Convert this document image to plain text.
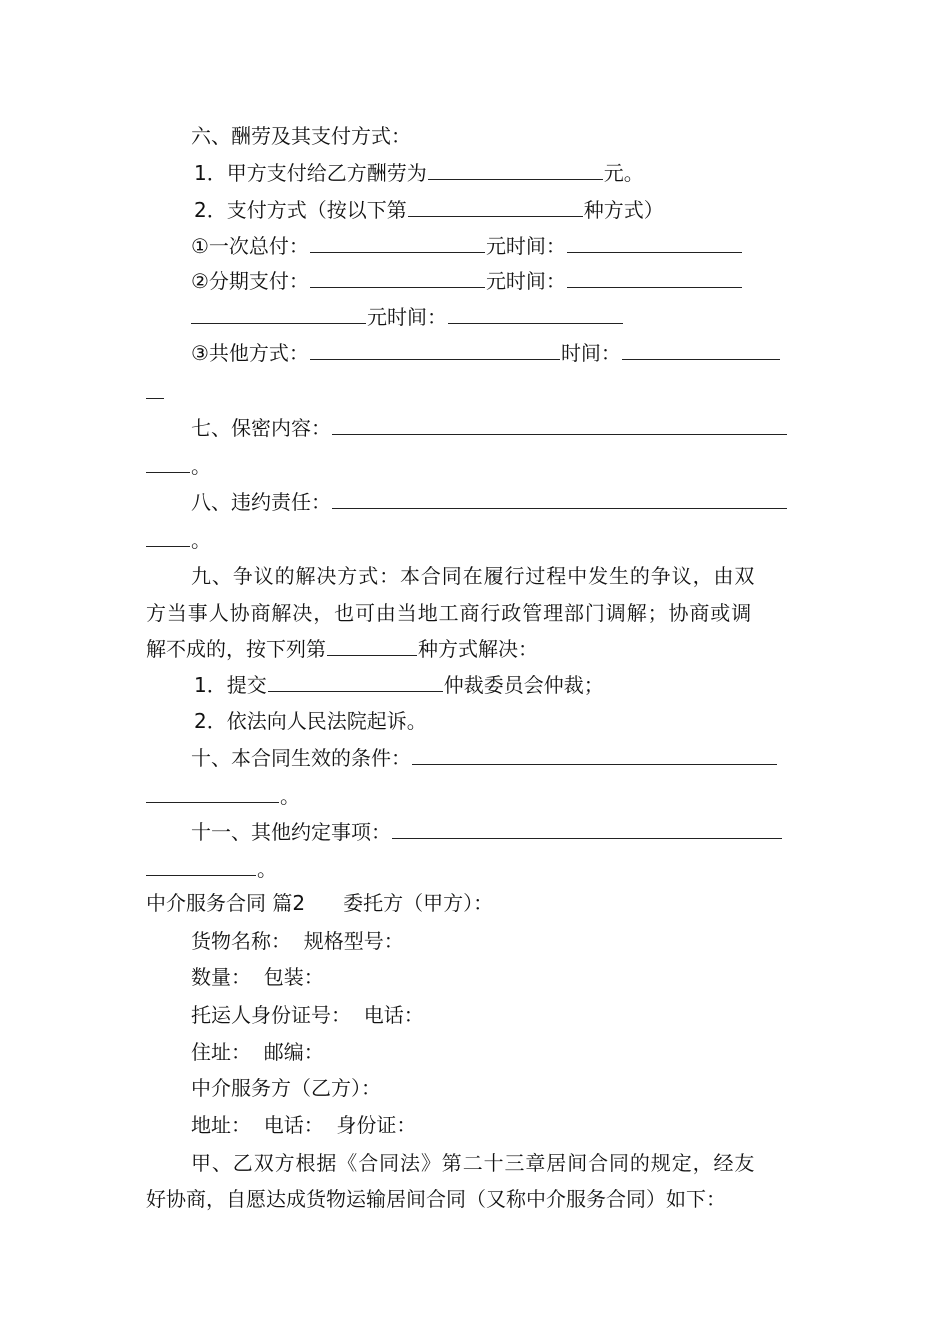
六、酬劳及其支付方式：
1．甲方支付给乙方酬劳为	元。
2．支付方式（按以下第	种方式）
①一次总付：	元时间：
②分期支付：	元时间：
元时间：
③共他方式：	时间：
七、保密内容：
。
八、违约责任：
。
九、争议的解决方式：本合同在履行过程中发生的争议，由双
方当事人协商解决，也可由当地工商行政管理部门调解；协商或调
解不成的，按下列第	种方式解决：
1．提交	仲裁委员会仲裁；
2．依法向人民法院起诉。
十、本合同生效的条件：
。
十一、其他约定事项：
。
中介服务合同 篇2 委托方（甲方）：
货物名称：  规格型号：
数量：  包装：
托运人身份证号：  电话：
住址：  邮编：
中介服务方（乙方）：
地址：  电话：  身份证：
甲、乙双方根据《合同法》第二十三章居间合同的规定，经友
好协商，自愿达成货物运输居间合同（又称中介服务合同）如下：
